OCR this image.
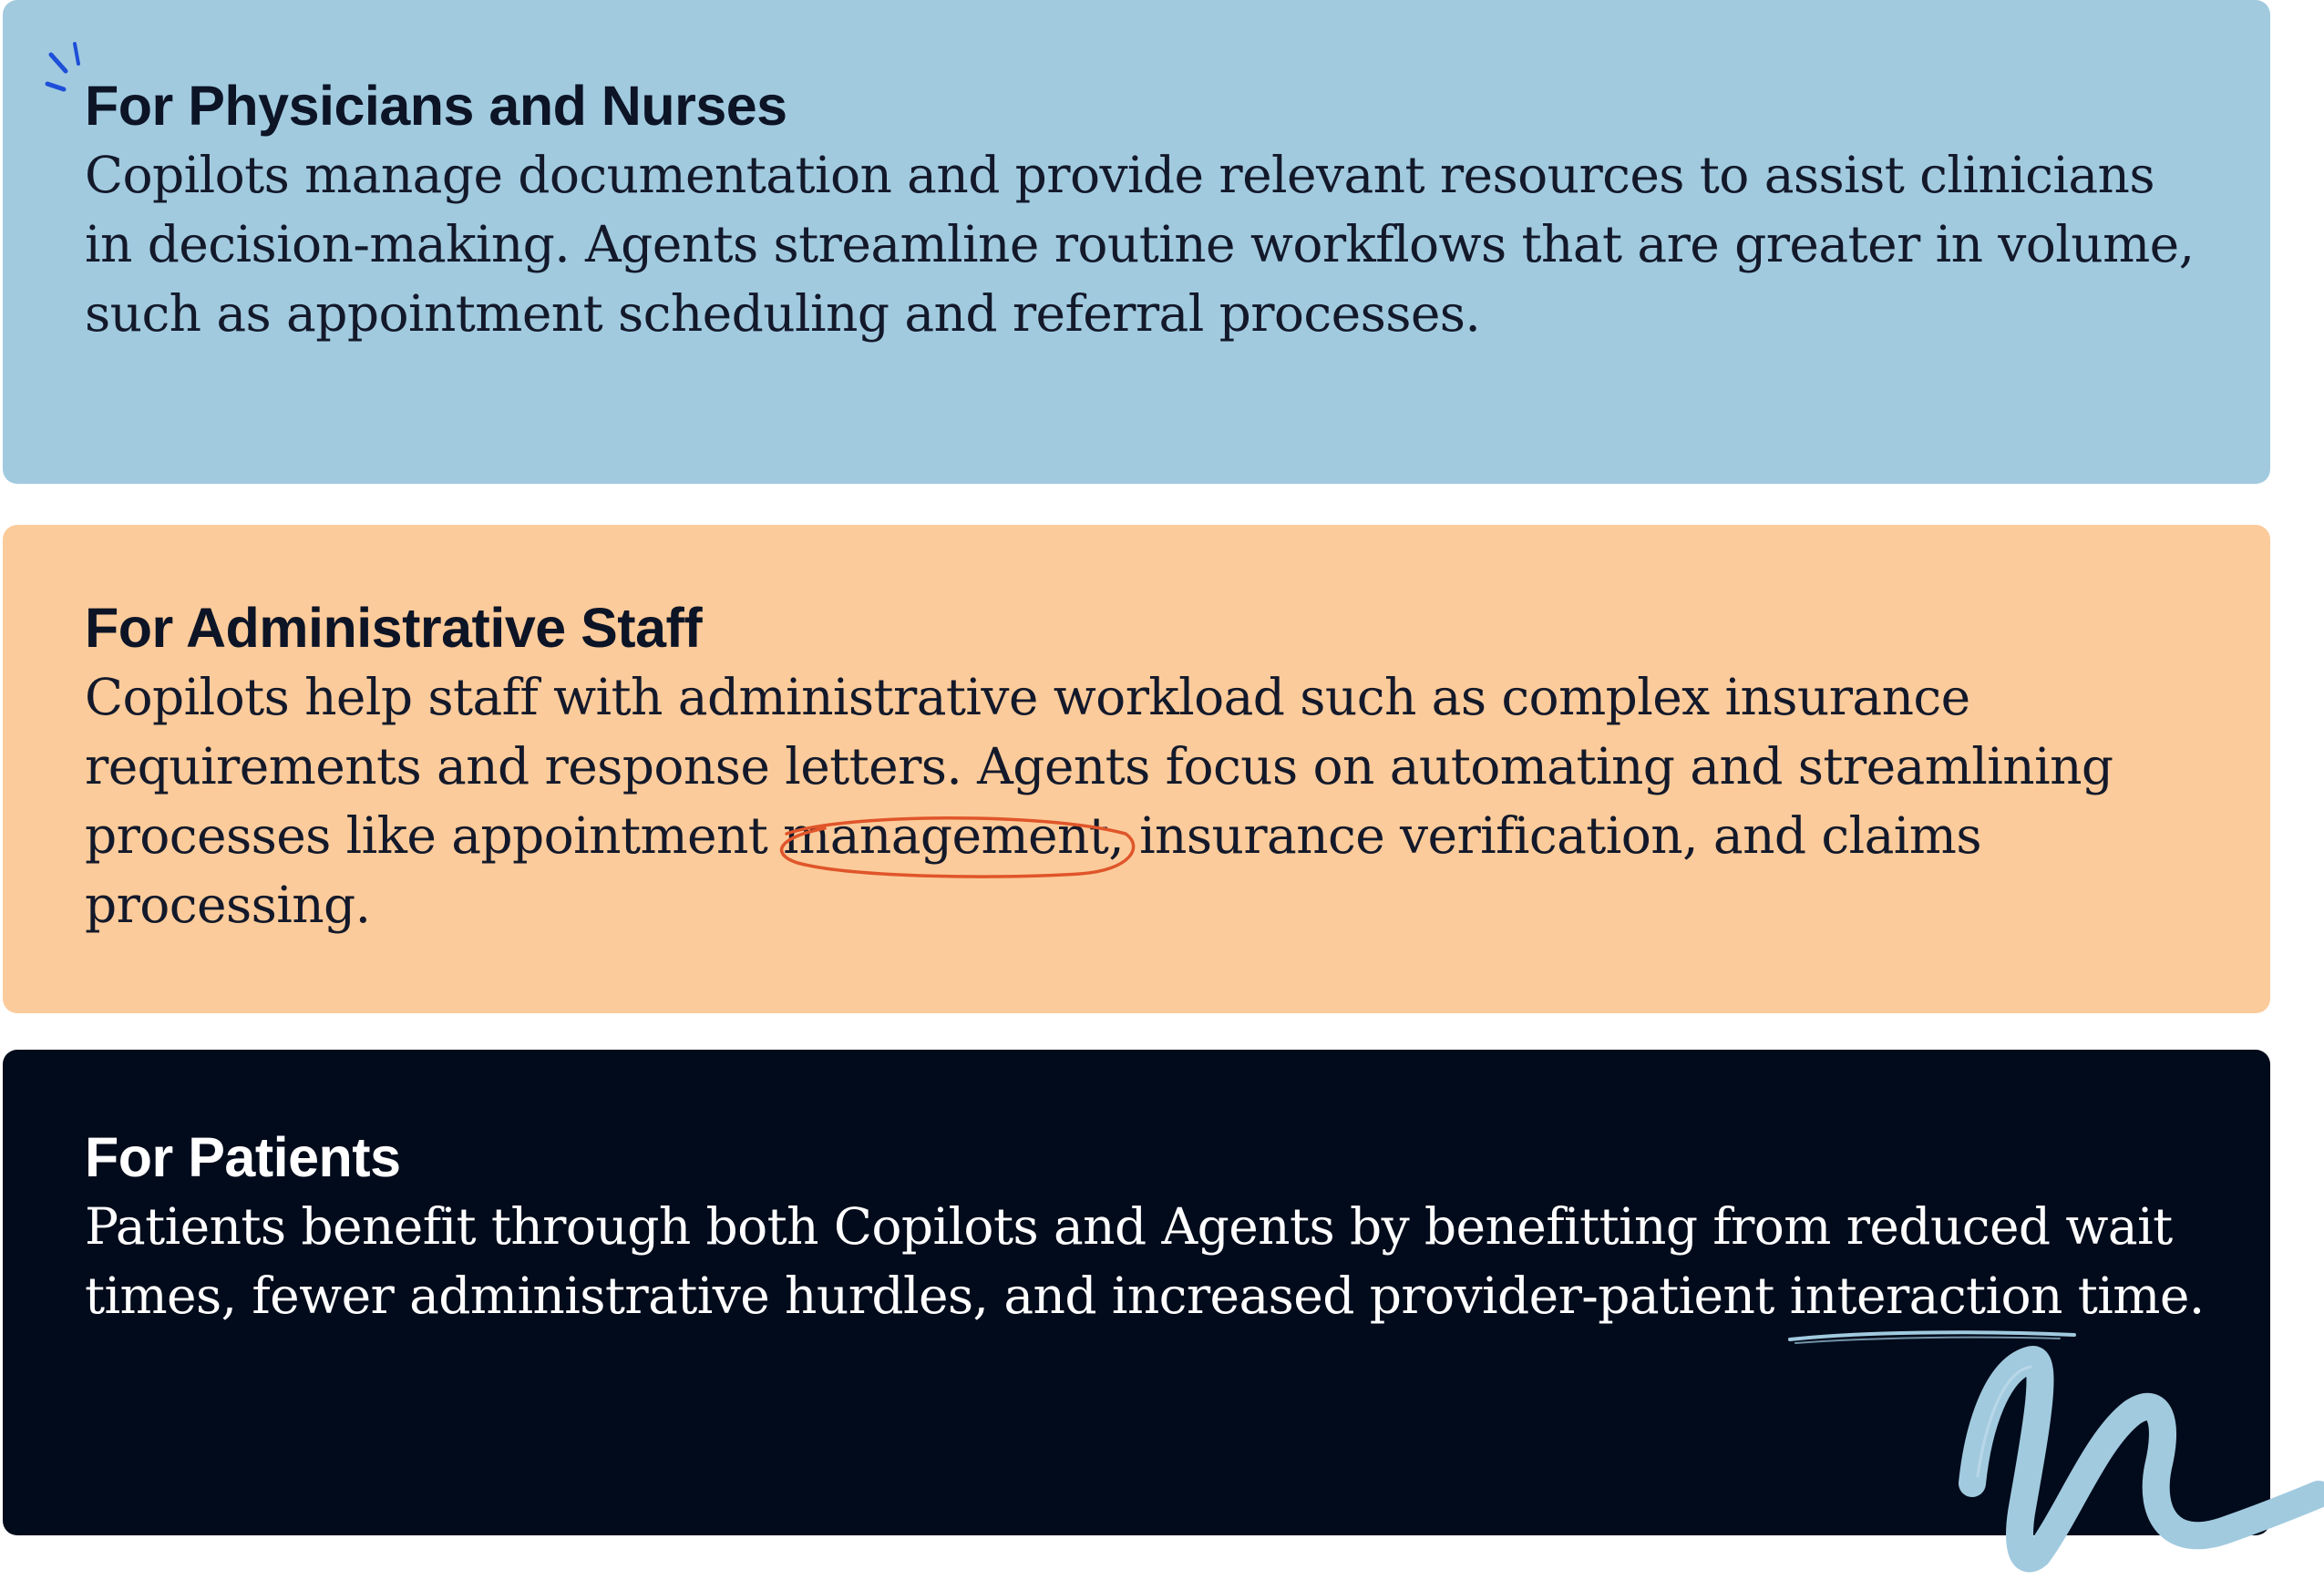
For Physicians and Nurses

Copilots manage documentation and provide relevant resources to assist clinicians in decision-making. Agents streamline routine workflows that are greater in volume, such as appointment scheduling and referral processes.

For Administrative Staff

Copilots help staff with administrative workload such as complex insurance requirements and response letters. Agents focus on automating and streamlining processes like appointment management
, insurance verification, and claims processing.

For Patients

Patients benefit through both Copilots and Agents by benefitting from reduced wait times, fewer administrative hurdles, and increased provider-patient interaction
time.
